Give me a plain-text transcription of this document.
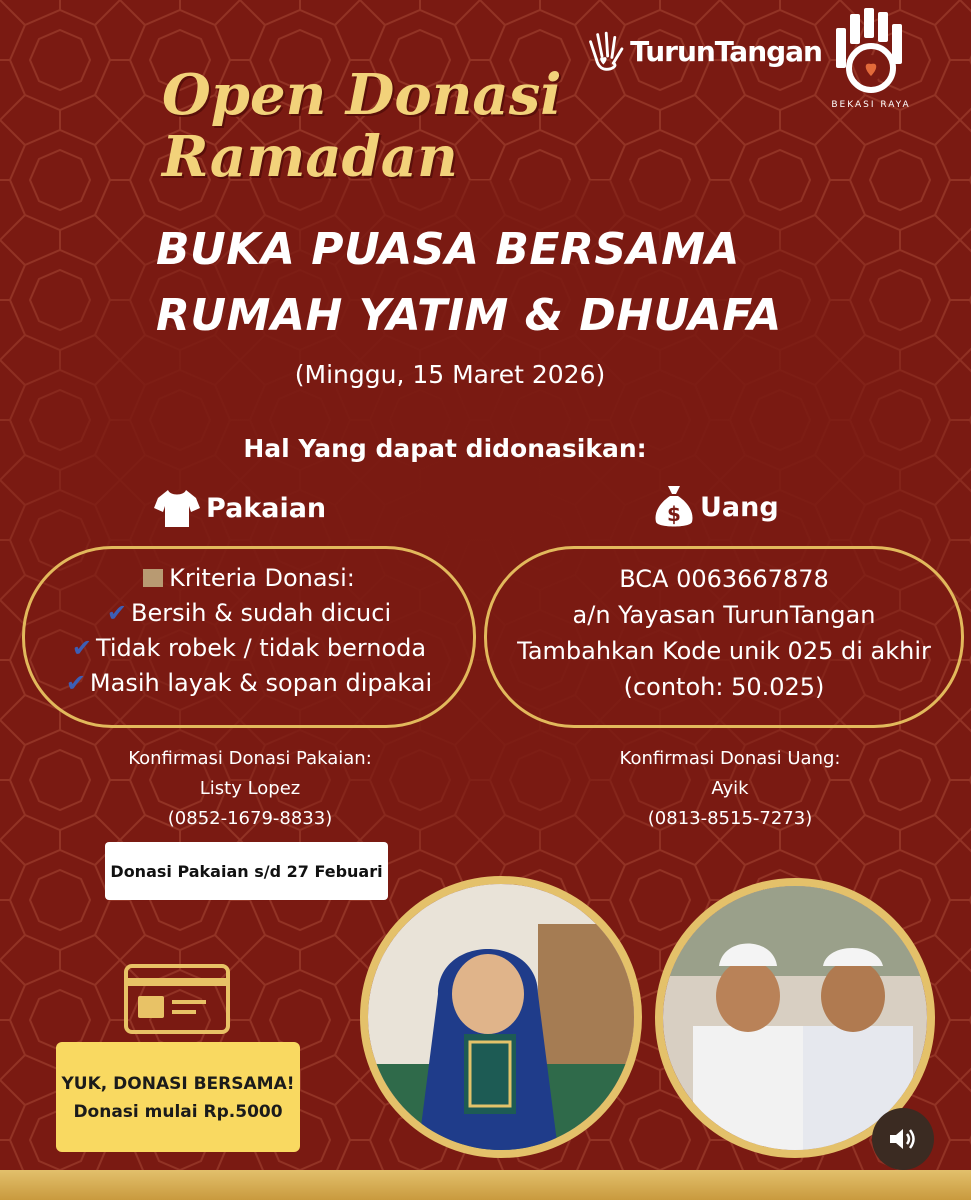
TurunTangan
BEKASI RAYA
Open Donasi
Ramadan
BUKA PUASA BERSAMA
RUMAH YATIM & DHUAFA
(Minggu, 15 Maret 2026)
Hal Yang dapat didonasikan:
Pakaian	$ Uang
Kriteria Donasi:
✔ Bersih & sudah dicuci
✔ Tidak robek / tidak bernoda
✔ Masih layak & sopan dipakai
BCA 0063667878
a/n Yayasan TurunTangan
Tambahkan Kode unik 025 di akhir
(contoh: 50.025)
Konfirmasi Donasi Pakaian:
Listy Lopez
(0852-1679-8833)
Konfirmasi Donasi Uang:
Ayik
(0813-8515-7273)
Donasi Pakaian s/d 27 Febuari
YUK, DONASI BERSAMA!
Donasi mulai Rp.5000
